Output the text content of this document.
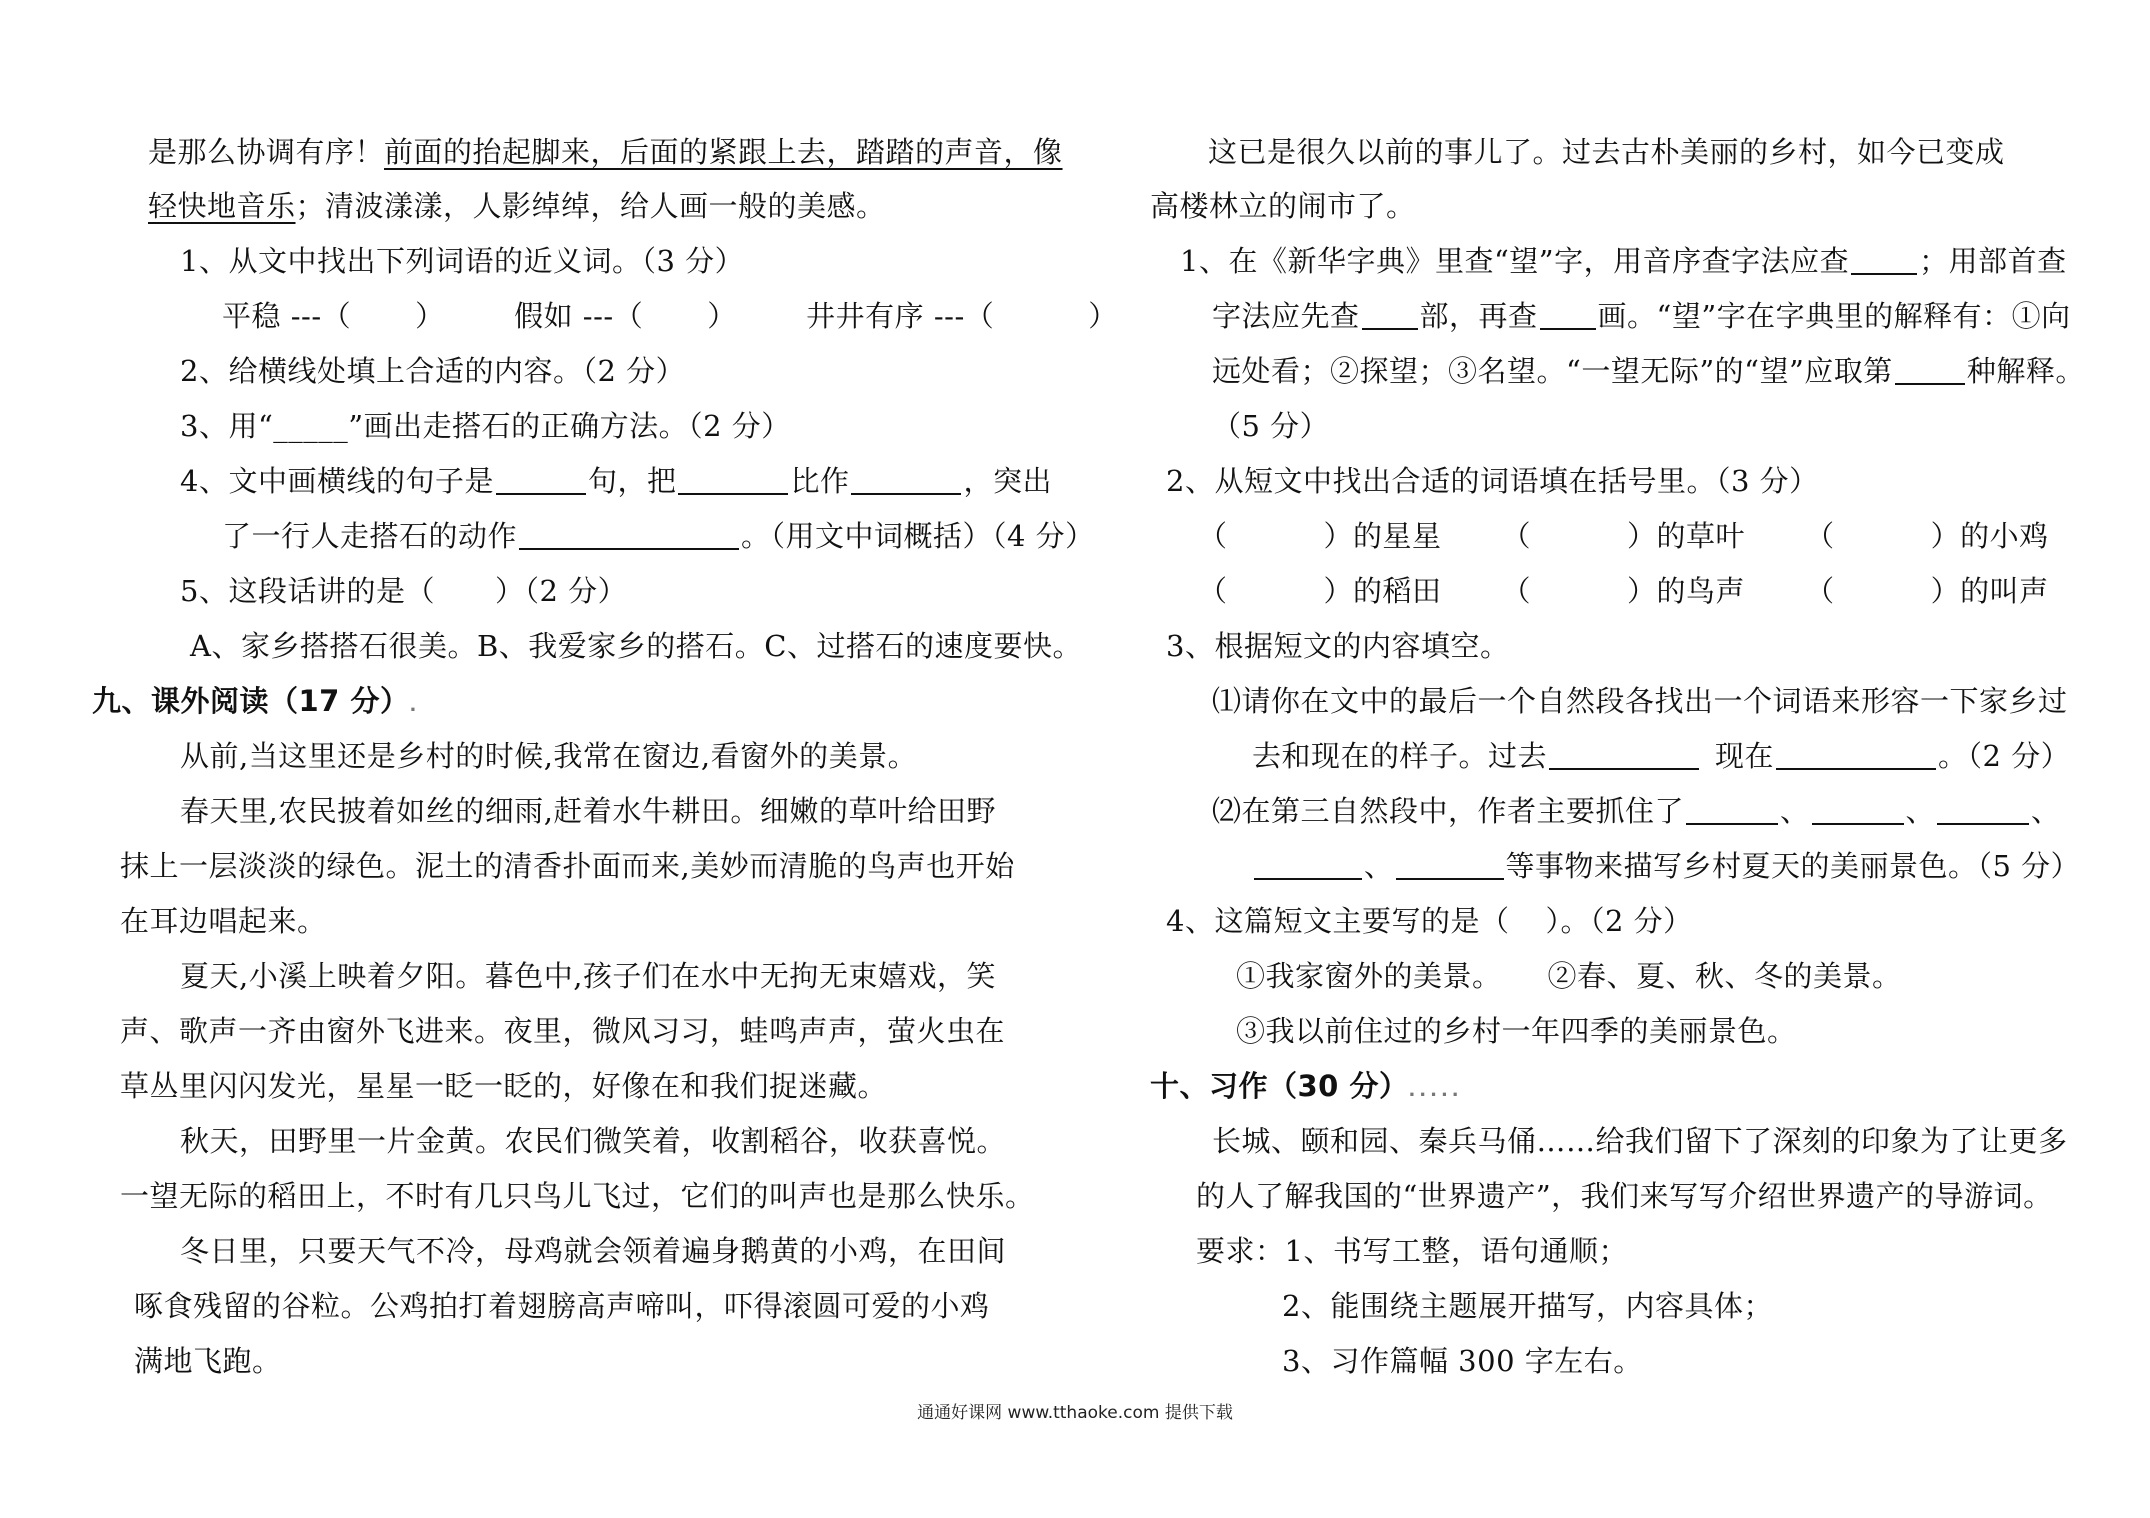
是那么协调有序！前面的抬起脚来，后面的紧跟上去，踏踏的声音，像
轻快地音乐；清波漾漾，人影绰绰，给人画一般的美感。
1、从文中找出下列词语的近义词。（3 分）
平稳 ---（ ） 假如 ---（ ） 井井有序 ---（	）
2、给横线处填上合适的内容。（2 分）
3、用“_____”画出走搭石的正确方法。（2 分）
4、文中画横线的句子是	句，把	比作	，突出
了一行人走搭石的动作	。（用文中词概括）（4 分）
5、这段话讲的是（ ）（2 分）
A、家乡搭搭石很美。B、我爱家乡的搭石。C、过搭石的速度要快。
九、课外阅读（17 分）.
从前,当这里还是乡村的时候,我常在窗边,看窗外的美景。
春天里,农民披着如丝的细雨,赶着水牛耕田。细嫩的草叶给田野
抹上一层淡淡的绿色。泥土的清香扑面而来,美妙而清脆的鸟声也开始
在耳边唱起来。
夏天,小溪上映着夕阳。暮色中,孩子们在水中无拘无束嬉戏，笑
声、歌声一齐由窗外飞进来。夜里，微风习习，蛙鸣声声，萤火虫在
草丛里闪闪发光，星星一眨一眨的，好像在和我们捉迷藏。
秋天，田野里一片金黄。农民们微笑着，收割稻谷，收获喜悦。
一望无际的稻田上，不时有几只鸟儿飞过，它们的叫声也是那么快乐。
冬日里，只要天气不冷，母鸡就会领着遍身鹅黄的小鸡，在田间
啄食残留的谷粒。公鸡拍打着翅膀高声啼叫，吓得滚圆可爱的小鸡
满地飞跑。
这已是很久以前的事儿了。过去古朴美丽的乡村，如今已变成
高楼林立的闹市了。
1、在《新华字典》里查“望”字，用音序查字法应查 ；用部首查
字法应先查 部，再查 画。“望”字在字典里的解释有：①向
远处看；②探望；③名望。“一望无际”的“望”应取第	种解释。
（5 分）
2、从短文中找出合适的词语填在括号里。（3 分）
（	）的星星 （	）的草叶 （	）的小鸡
（	）的稻田 （	）的鸟声 （	）的叫声
3、根据短文的内容填空。
⑴请你在文中的最后一个自然段各找出一个词语来形容一下家乡过
去和现在的样子。过去	现在	。（2 分）
⑵在第三自然段中，作者主要抓住了	、	、	、
、	等事物来描写乡村夏天的美丽景色。（5 分）
4、这篇短文主要写的是（ ）。（2 分）
①我家窗外的美景。 ②春、夏、秋、冬的美景。
③我以前住过的乡村一年四季的美丽景色。
十、习作（30 分）.....
长城、颐和园、秦兵马俑……给我们留下了深刻的印象为了让更多
的人了解我国的“世界遗产”，我们来写写介绍世界遗产的导游词。
要求：1、书写工整，语句通顺；
2、能围绕主题展开描写，内容具体；
3、习作篇幅 300 字左右。
通通好课网 www.tthaoke.com 提供下载
